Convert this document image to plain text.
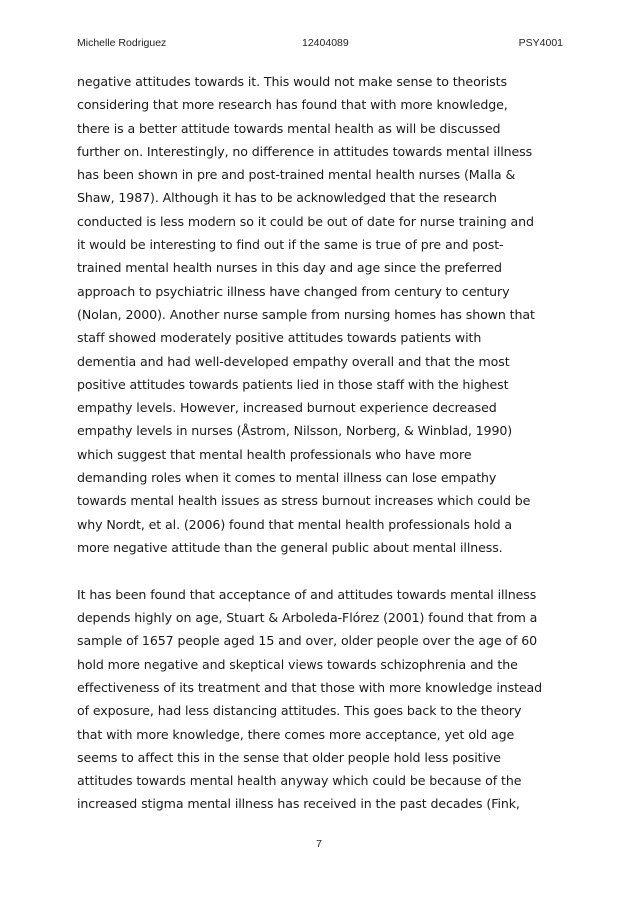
Michelle Rodriguez	12404089	PSY4001
negative attitudes towards it. This would not make sense to theorists
considering that more research has found that with more knowledge,
there is a better attitude towards mental health as will be discussed
further on. Interestingly, no difference in attitudes towards mental illness
has been shown in pre and post-trained mental health nurses (Malla &
Shaw, 1987). Although it has to be acknowledged that the research
conducted is less modern so it could be out of date for nurse training and
it would be interesting to find out if the same is true of pre and post-
trained mental health nurses in this day and age since the preferred
approach to psychiatric illness have changed from century to century
(Nolan, 2000). Another nurse sample from nursing homes has shown that
staff showed moderately positive attitudes towards patients with
dementia and had well-developed empathy overall and that the most
positive attitudes towards patients lied in those staff with the highest
empathy levels. However, increased burnout experience decreased
empathy levels in nurses (Åstrom, Nilsson, Norberg, & Winblad, 1990)
which suggest that mental health professionals who have more
demanding roles when it comes to mental illness can lose empathy
towards mental health issues as stress burnout increases which could be
why Nordt, et al. (2006) found that mental health professionals hold a
more negative attitude than the general public about mental illness.
It has been found that acceptance of and attitudes towards mental illness
depends highly on age, Stuart & Arboleda-Flórez (2001) found that from a
sample of 1657 people aged 15 and over, older people over the age of 60
hold more negative and skeptical views towards schizophrenia and the
effectiveness of its treatment and that those with more knowledge instead
of exposure, had less distancing attitudes. This goes back to the theory
that with more knowledge, there comes more acceptance, yet old age
seems to affect this in the sense that older people hold less positive
attitudes towards mental health anyway which could be because of the
increased stigma mental illness has received in the past decades (Fink,
7
